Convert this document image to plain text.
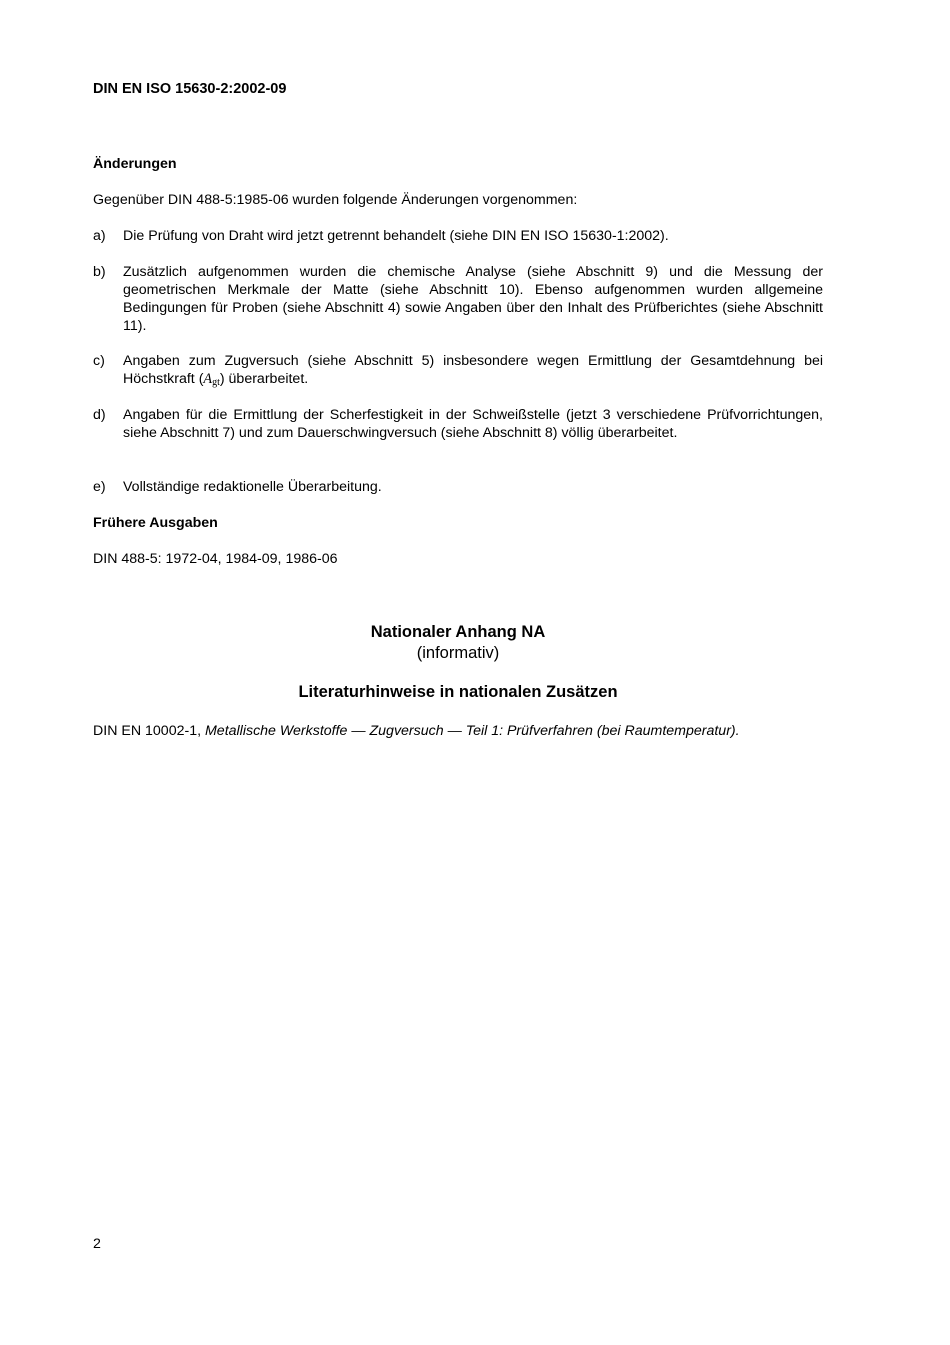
DIN EN ISO 15630-2:2002-09
Änderungen
Gegenüber DIN 488-5:1985-06 wurden folgende Änderungen vorgenommen:
a) Die Prüfung von Draht wird jetzt getrennt behandelt (siehe DIN EN ISO 15630-1:2002).
b) Zusätzlich aufgenommen wurden die chemische Analyse (siehe Abschnitt 9) und die Messung der geometrischen Merkmale der Matte (siehe Abschnitt 10). Ebenso aufgenommen wurden allgemeine Bedingungen für Proben (siehe Abschnitt 4) sowie Angaben über den Inhalt des Prüfberichtes (siehe Abschnitt 11).
c) Angaben zum Zugversuch (siehe Abschnitt 5) insbesondere wegen Ermittlung der Gesamtdehnung bei Höchstkraft $(A_{gt})$ überarbeitet.
d) Angaben für die Ermittlung der Scherfestigkeit in der Schweißstelle (jetzt 3 verschiedene Prüfvorrichtungen, siehe Abschnitt 7) und zum Dauerschwingversuch (siehe Abschnitt 8) völlig überarbeitet.
e) Vollständige redaktionelle Überarbeitung.
Frühere Ausgaben
DIN 488-5: 1972-04, 1984-09, 1986-06
Nationaler Anhang NA
(informativ)
Literaturhinweise in nationalen Zusätzen
DIN EN 10002-1, Metallische Werkstoffe — Zugversuch — Teil 1: Prüfverfahren (bei Raumtemperatur).
2
